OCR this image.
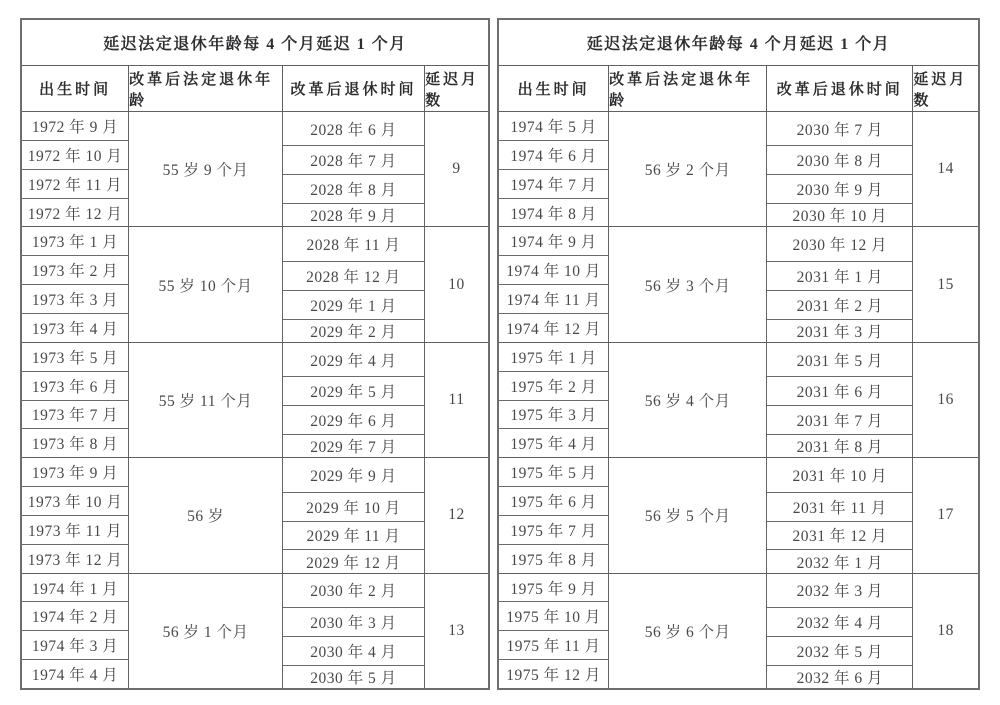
延迟法定退休年龄每 4 个月延迟 1 个月
出生时间
改革后法定退休年龄
改革后退休时间
延迟月数
1972 年 9 月
1972 年 10 月
1972 年 11 月
1972 年 12 月
55 岁 9 个月
2028 年 6 月
2028 年 7 月
2028 年 8 月
2028 年 9 月
9
1973 年 1 月
1973 年 2 月
1973 年 3 月
1973 年 4 月
55 岁 10 个月
2028 年 11 月
2028 年 12 月
2029 年 1 月
2029 年 2 月
10
1973 年 5 月
1973 年 6 月
1973 年 7 月
1973 年 8 月
55 岁 11 个月
2029 年 4 月
2029 年 5 月
2029 年 6 月
2029 年 7 月
11
1973 年 9 月
1973 年 10 月
1973 年 11 月
1973 年 12 月
56 岁
2029 年 9 月
2029 年 10 月
2029 年 11 月
2029 年 12 月
12
1974 年 1 月
1974 年 2 月
1974 年 3 月
1974 年 4 月
56 岁 1 个月
2030 年 2 月
2030 年 3 月
2030 年 4 月
2030 年 5 月
13
延迟法定退休年龄每 4 个月延迟 1 个月
出生时间
改革后法定退休年龄
改革后退休时间
延迟月数
1974 年 5 月
1974 年 6 月
1974 年 7 月
1974 年 8 月
56 岁 2 个月
2030 年 7 月
2030 年 8 月
2030 年 9 月
2030 年 10 月
14
1974 年 9 月
1974 年 10 月
1974 年 11 月
1974 年 12 月
56 岁 3 个月
2030 年 12 月
2031 年 1 月
2031 年 2 月
2031 年 3 月
15
1975 年 1 月
1975 年 2 月
1975 年 3 月
1975 年 4 月
56 岁 4 个月
2031 年 5 月
2031 年 6 月
2031 年 7 月
2031 年 8 月
16
1975 年 5 月
1975 年 6 月
1975 年 7 月
1975 年 8 月
56 岁 5 个月
2031 年 10 月
2031 年 11 月
2031 年 12 月
2032 年 1 月
17
1975 年 9 月
1975 年 10 月
1975 年 11 月
1975 年 12 月
56 岁 6 个月
2032 年 3 月
2032 年 4 月
2032 年 5 月
2032 年 6 月
18
